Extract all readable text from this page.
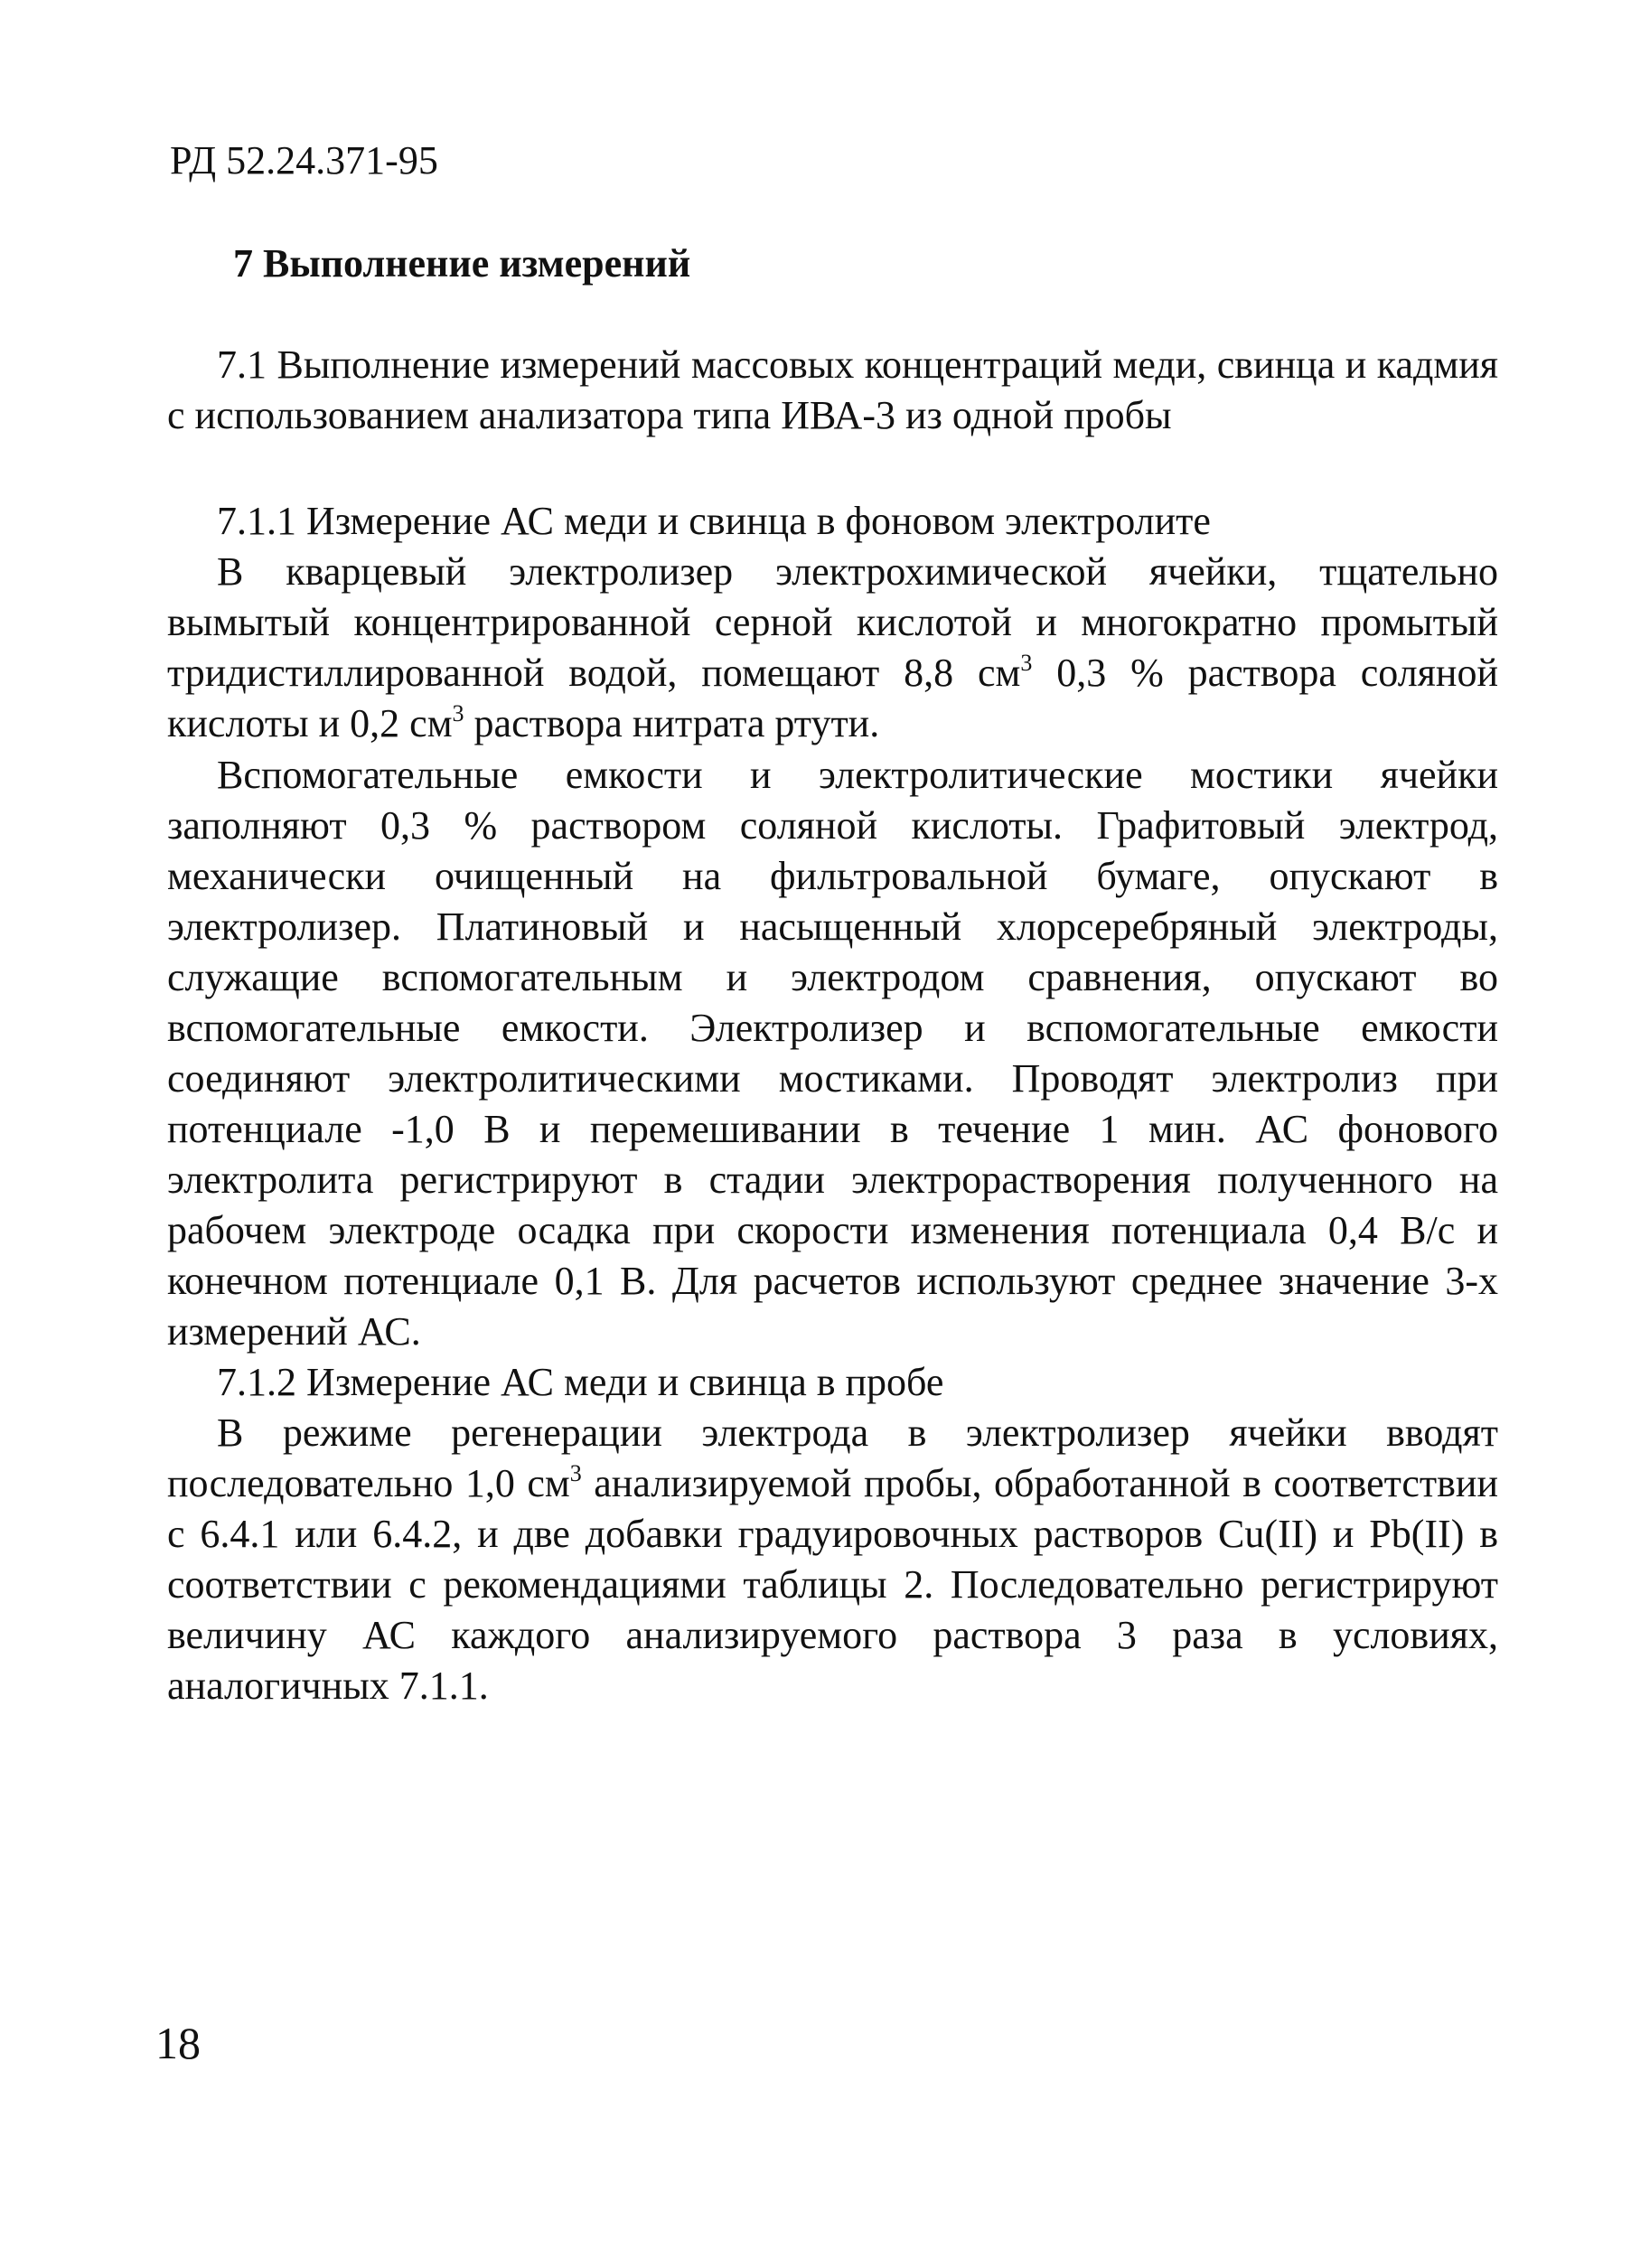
РД 52.24.371-95
7 Выполнение измерений

7.1 Выполнение измерений массовых концентраций меди, свинца и кадмия с использованием анализатора типа ИВА-3 из одной пробы

7.1.1 Измерение АС меди и свинца в фоновом электролите

В кварцевый электролизер электрохимической ячейки, тщательно вымытый концентрированной серной кислотой и многократно промытый тридистиллированной водой, помещают 8,8 $см^3$ 0,3 % раствора соляной кислоты и 0,2 $см^3$ раствора нитрата ртути.

Вспомогательные емкости и электролитические мостики ячейки заполняют 0,3 % раствором соляной кислоты. Графитовый электрод, механически очищенный на фильтровальной бумаге, опускают в электролизер. Платиновый и насыщенный хлорсеребряный электроды, служащие вспомогательным и электродом сравнения, опускают во вспомогательные емкости. Электролизер и вспомогательные емкости соединяют электролитическими мостиками. Проводят электролиз при потенциале -1,0 В и перемешивании в течение 1 мин. АС фонового электролита регистрируют в стадии электрорастворения полученного на рабочем электроде осадка при скорости изменения потенциала 0,4 В/с и конечном потенциале 0,1 В. Для расчетов используют среднее значение 3-х измерений АС.

7.1.2 Измерение АС меди и свинца в пробе

В режиме регенерации электрода в электролизер ячейки вводят последовательно 1,0 $см^3$ анализируемой пробы, обработанной в соответствии с 6.4.1 или 6.4.2, и две добавки градуировочных растворов Cu(II) и Pb(II) в соответствии с рекомендациями таблицы 2. Последовательно регистрируют величину АС каждого анализируемого раствора 3 раза в условиях, аналогичных 7.1.1.

18
